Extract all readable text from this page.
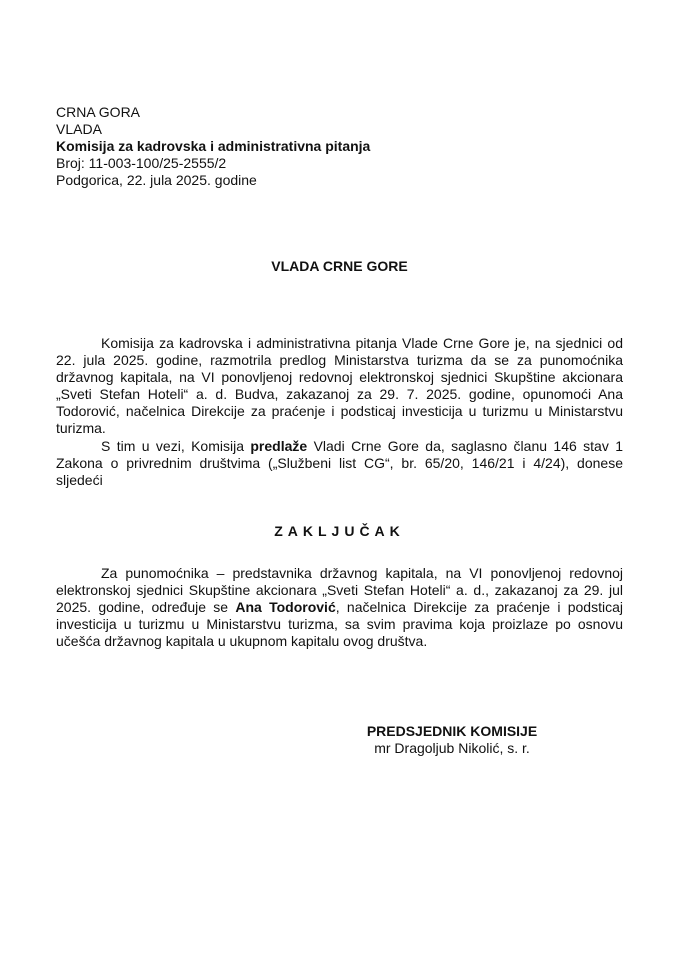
CRNA GORA
VLADA
Komisija za kadrovska i administrativna pitanja
Broj: 11-003-100/25-2555/2
Podgorica, 22. jula 2025. godine
VLADA CRNE GORE
Komisija za kadrovska i administrativna pitanja Vlade Crne Gore je, na sjednici od
22. jula 2025. godine, razmotrila predlog Ministarstva turizma da se za punomoćnika
državnog kapitala, na VI ponovljenoj redovnoj elektronskoj sjednici Skupštine akcionara
„Sveti Stefan Hoteli“ a. d. Budva, zakazanoj za 29. 7. 2025. godine, opunomoći Ana
Todorović, načelnica Direkcije za praćenje i podsticaj investicija u turizmu u Ministarstvu
turizma.
S tim u vezi, Komisija predlaže Vladi Crne Gore da, saglasno članu 146 stav 1
Zakona o privrednim društvima („Službeni list CG“, br. 65/20, 146/21 i 4/24), donese
sljedeći
ZAKLJUČAK
Za punomoćnika – predstavnika državnog kapitala, na VI ponovljenoj redovnoj
elektronskoj sjednici Skupštine akcionara „Sveti Stefan Hoteli“ a. d., zakazanoj za 29. jul
2025. godine, određuje se Ana Todorović, načelnica Direkcije za praćenje i podsticaj
investicija u turizmu u Ministarstvu turizma, sa svim pravima koja proizlaze po osnovu
učešća državnog kapitala u ukupnom kapitalu ovog društva.
PREDSJEDNIK KOMISIJE
mr Dragoljub Nikolić, s. r.
